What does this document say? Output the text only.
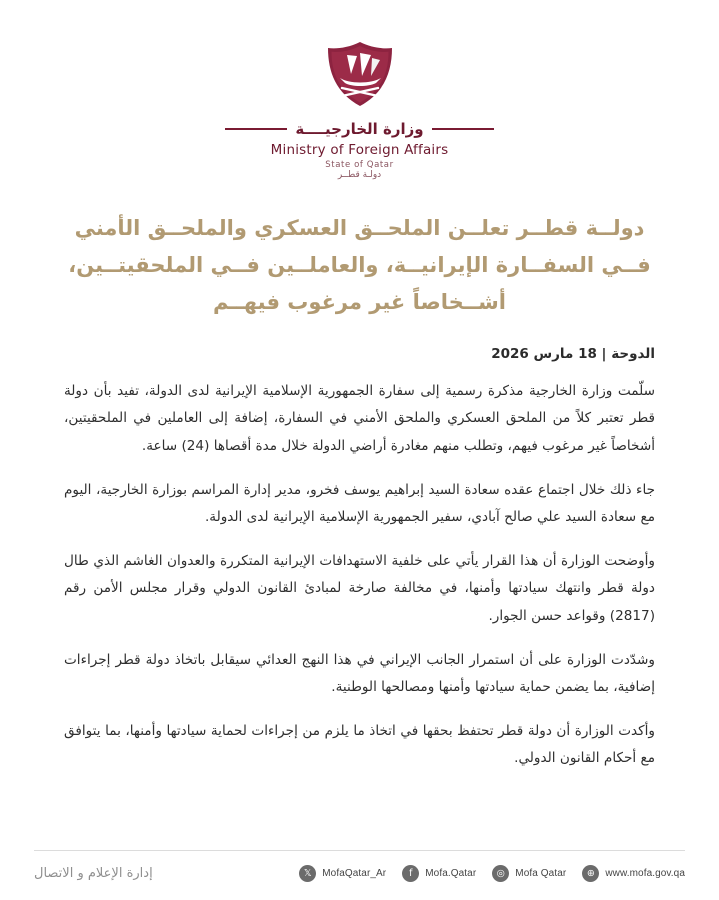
وزارة الخارجيــــة
Ministry of Foreign Affairs
State of Qatar
دولـة قطــر
دولــة قطــر تعلــن الملحــق العسكري والملحــق الأمني
فــي السفــارة الإيرانيــة، والعاملــين فــي الملحقيتــين،
أشــخاصاً غير مرغوب فيهــم
الدوحة | 18 مارس 2026

سلّمت وزارة الخارجية مذكرة رسمية إلى سفارة الجمهورية الإسلامية الإيرانية لدى الدولة، تفيد بأن دولة قطر تعتبر كلاً من الملحق العسكري والملحق الأمني في السفارة، إضافة إلى العاملين في الملحقيتين، أشخاصاً غير مرغوب فيهم، وتطلب منهم مغادرة أراضي الدولة خلال مدة أقصاها (24) ساعة.

جاء ذلك خلال اجتماع عقده سعادة السيد إبراهيم يوسف فخرو، مدير إدارة المراسم بوزارة الخارجية، اليوم مع سعادة السيد علي صالح آبادي، سفير الجمهورية الإسلامية الإيرانية لدى الدولة.

وأوضحت الوزارة أن هذا القرار يأتي على خلفية الاستهدافات الإيرانية المتكررة والعدوان الغاشم الذي طال دولة قطر وانتهك سيادتها وأمنها، في مخالفة صارخة لمبادئ القانون الدولي وقرار مجلس الأمن رقم (2817) وقواعد حسن الجوار.

وشدّدت الوزارة على أن استمرار الجانب الإيراني في هذا النهج العدائي سيقابل باتخاذ دولة قطر إجراءات إضافية، بما يضمن حماية سيادتها وأمنها ومصالحها الوطنية.

وأكدت الوزارة أن دولة قطر تحتفظ بحقها في اتخاذ ما يلزم من إجراءات لحماية سيادتها وأمنها، بما يتوافق مع أحكام القانون الدولي.

إدارة الإعلام و الاتصال	𝕏	MofaQatar_Ar	f	Mofa.Qatar	◎	Mofa Qatar	⊕	www.mofa.gov.qa
